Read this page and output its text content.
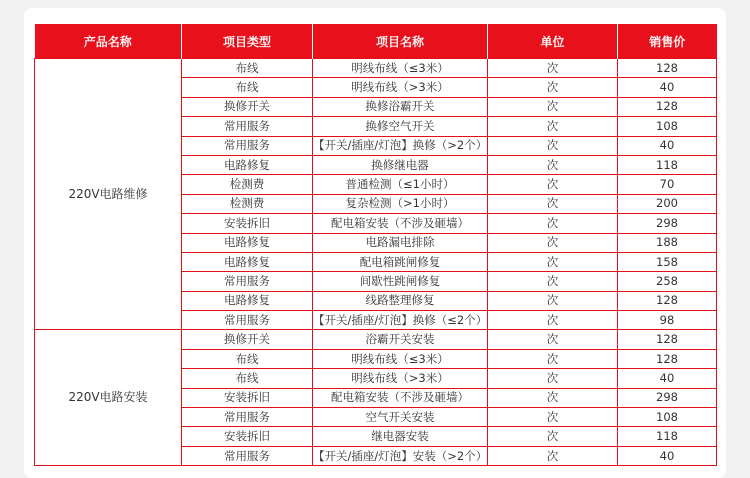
产品名称	项目类型	项目名称	单位	销售价
220V电路维修	布线	明线布线（≤3米）	次	128
	布线	明线布线（>3米）	次	40
	换修开关	换修浴霸开关	次	128
	常用服务	换修空气开关	次	108
	常用服务	【开关/插座/灯泡】换修（>2个）	次	40
	电路修复	换修继电器	次	118
	检测费	普通检测（≤1小时）	次	70
	检测费	复杂检测（>1小时）	次	200
	安装拆旧	配电箱安装（不涉及砸墙）	次	298
	电路修复	电路漏电排除	次	188
	电路修复	配电箱跳闸修复	次	158
	常用服务	间歇性跳闸修复	次	258
	电路修复	线路整理修复	次	128
	常用服务	【开关/插座/灯泡】换修（≤2个）	次	98
220V电路安装	换修开关	浴霸开关安装	次	128
	布线	明线布线（≤3米）	次	128
	布线	明线布线（>3米）	次	40
	安装拆旧	配电箱安装（不涉及砸墙）	次	298
	常用服务	空气开关安装	次	108
	安装拆旧	继电器安装	次	118
	常用服务	【开关/插座/灯泡】安装（>2个）	次	40
